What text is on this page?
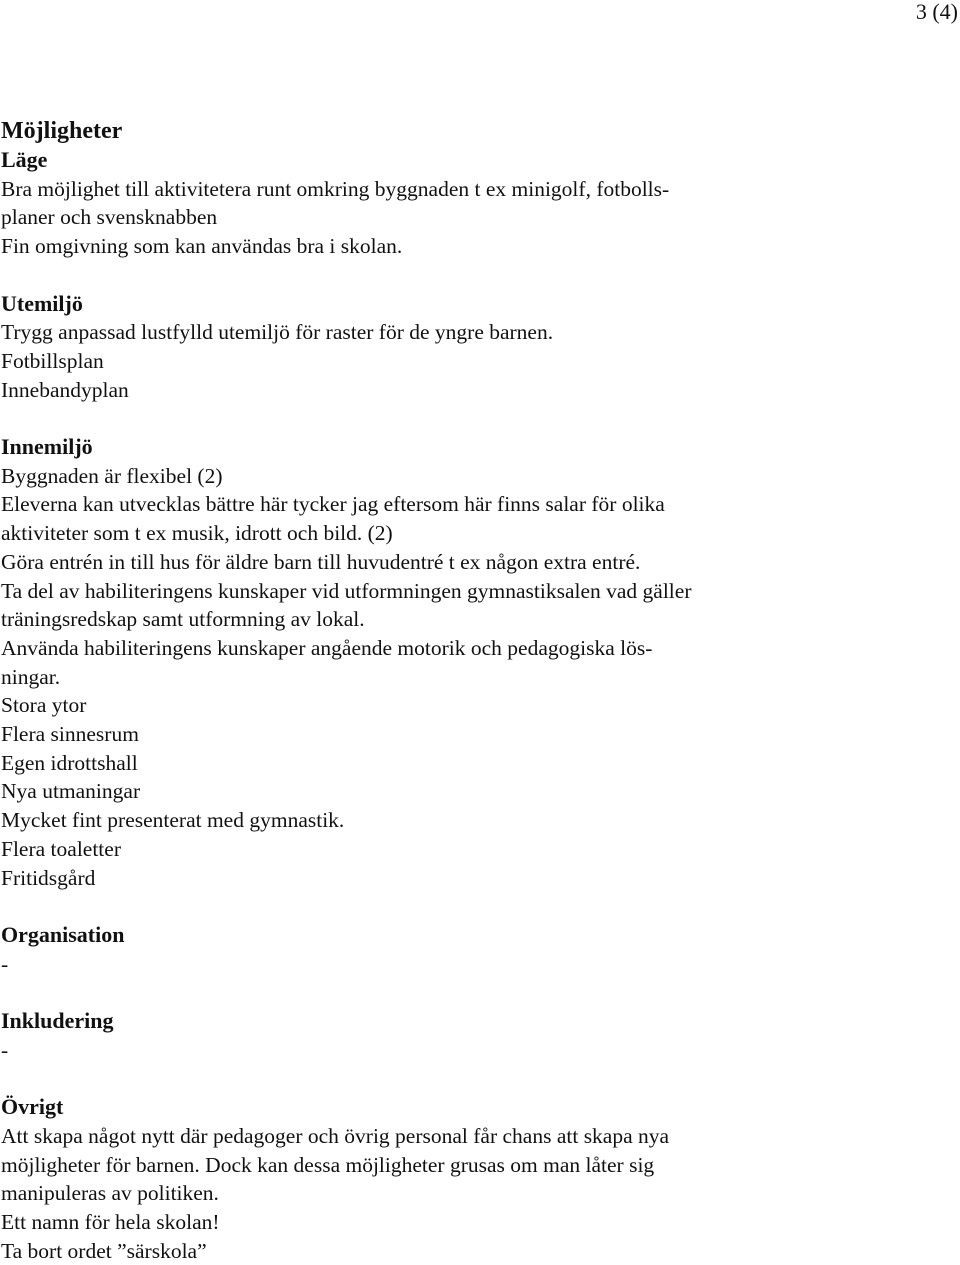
3 (4)
Möjligheter
Läge

Bra möjlighet till aktivitetera runt omkring byggnaden t ex minigolf, fotbolls-

planer och svensknabben

Fin omgivning som kan användas bra i skolan.

Utemiljö

Trygg anpassad lustfylld utemiljö för raster för de yngre barnen.

Fotbillsplan

Innebandyplan

Innemiljö

Byggnaden är flexibel (2)

Eleverna kan utvecklas bättre här tycker jag eftersom här finns salar för olika

aktiviteter som t ex musik, idrott och bild. (2)

Göra entrén in till hus för äldre barn till huvudentré t ex någon extra entré.

Ta del av habiliteringens kunskaper vid utformningen gymnastiksalen vad gäller

träningsredskap samt utformning av lokal.

Använda habiliteringens kunskaper angående motorik och pedagogiska lös-

ningar.

Stora ytor

Flera sinnesrum

Egen idrottshall

Nya utmaningar

Mycket fint presenterat med gymnastik.

Flera toaletter

Fritidsgård

Organisation

-

Inkludering

-

Övrigt

Att skapa något nytt där pedagoger och övrig personal får chans att skapa nya

möjligheter för barnen. Dock kan dessa möjligheter grusas om man låter sig

manipuleras av politiken.

Ett namn för hela skolan!

Ta bort ordet ”särskola”
